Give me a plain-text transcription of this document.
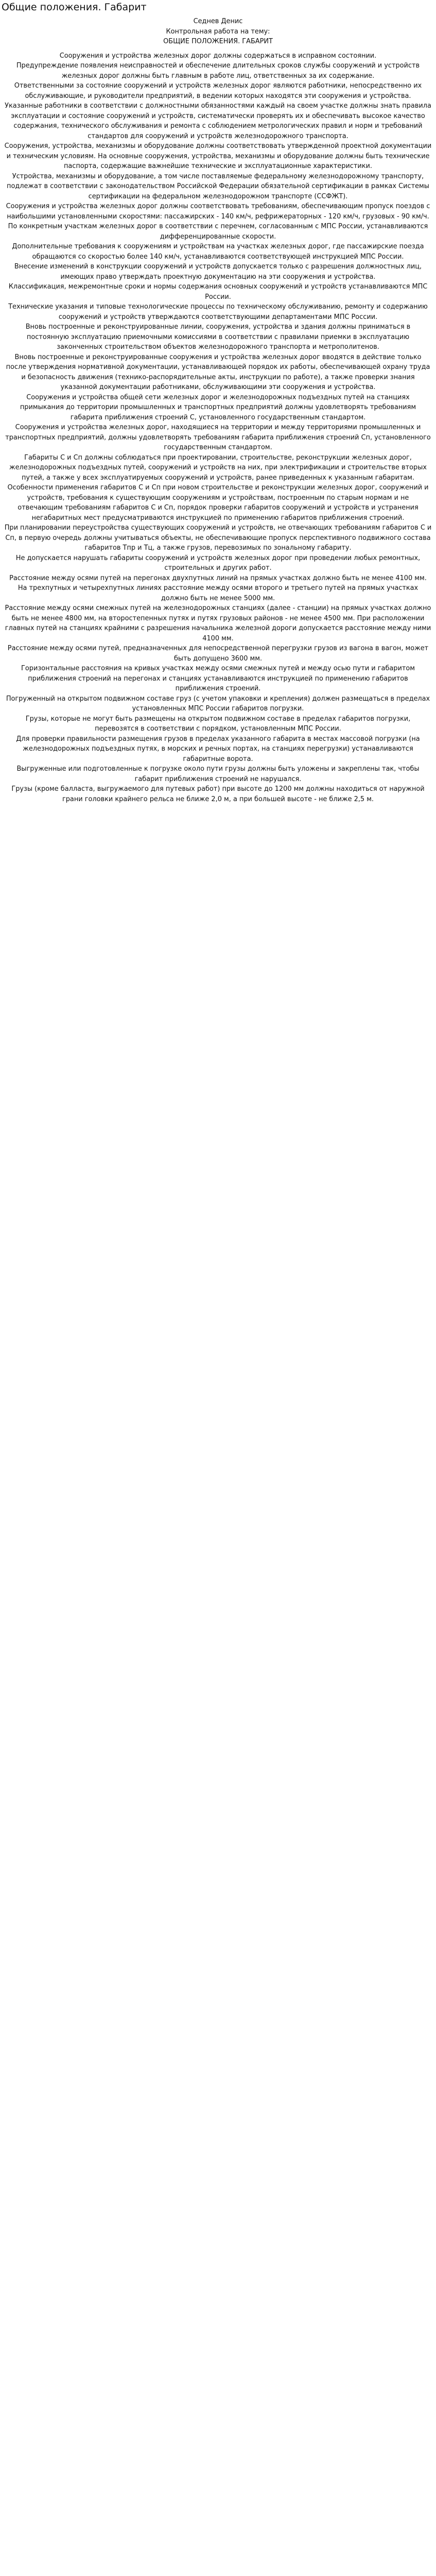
Общие положения. Габарит

Седнев Денис

Контрольная работа на тему:

ОБЩИЕ ПОЛОЖЕНИЯ. ГАБАРИТ

Сооружения и устройства железных дорог должны содержаться в исправном состоянии.

Предупреждение появления неисправностей и обеспечение длительных сроков службы сооружений и устройств железных дорог должны быть главным в работе лиц, ответственных за их содержание.

Ответственными за состояние сооружений и устройств железных дорог являются работники, непосредственно их обслуживающие, и руководители предприятий, в ведении которых находятся эти сооружения и устройства.

Указанные работники в соответствии с должностными обязанностями каждый на своем участке должны знать правила эксплуатации и состояние сооружений и устройств, систематически проверять их и обеспечивать высокое качество содержания, технического обслуживания и ремонта с соблюдением метрологических правил и норм и требований стандартов для сооружений и устройств железнодорожного транспорта.

Сооружения, устройства, механизмы и оборудование должны соответствовать утвержденной проектной документации и техническим условиям. На основные сооружения, устройства, механизмы и оборудование должны быть технические паспорта, содержащие важнейшие технические и эксплуатационные характеристики.

Устройства, механизмы и оборудование, а том числе поставляемые федеральному железнодорожному транспорту, подлежат в соответствии с законодательством Российской Федерации обязательной сертификации в рамках Системы сертификации на федеральном железнодорожном транспорте (ССФЖТ).

Сооружения и устройства железных дорог должны соответствовать требованиям, обеспечивающим пропуск поездов с наибольшими установленными скоростями: пассажирских - 140 км/ч, рефрижераторных - 120 км/ч, грузовых - 90 км/ч. По конкретным участкам железных дорог в соответствии с перечнем, согласованным с МПС России, устанавливаются дифференцированные скорости.

Дополнительные требования к сооружениям и устройствам на участках железных дорог, где пассажирские поезда обращаются со скоростью более 140 км/ч, устанавливаются соответствующей инструкцией МПС России.

Внесение изменений в конструкции сооружений и устройств допускается только с разрешения должностных лиц, имеющих право утверждать проектную документацию на эти сооружения и устройства.

Классификация, межремонтные сроки и нормы содержания основных сооружений и устройств устанавливаются МПС России.

Технические указания и типовые технологические процессы по техническому обслуживанию, ремонту и содержанию сооружений и устройств утверждаются соответствующими департаментами МПС России.

Вновь построенные и реконструированные линии, сооружения, устройства и здания должны приниматься в постоянную эксплуатацию приемочными комиссиями в соответствии с правилами приемки в эксплуатацию законченных строительством объектов железнодорожного транспорта и метрополитенов.

Вновь построенные и реконструированные сооружения и устройства железных дорог вводятся в действие только после утверждения нормативной документации, устанавливающей порядок их работы, обеспечивающей охрану труда и безопасность движения (технико-распорядительные акты, инструкции по работе), а также проверки знания указанной документации работниками, обслуживающими эти сооружения и устройства.

Сооружения и устройства общей сети железных дорог и железнодорожных подъездных путей на станциях примыкания до территории промышленных и транспортных предприятий должны удовлетворять требованиям габарита приближения строений С, установленного государственным стандартом.

Сооружения и устройства железных дорог, находящиеся на территории и между территориями промышленных и транспортных предприятий, должны удовлетворять требованиям габарита приближения строений Сп, установленного государственным стандартом.

Габариты С и Сп должны соблюдаться при проектировании, строительстве, реконструкции железных дорог, железнодорожных подъездных путей, сооружений и устройств на них, при электрификации и строительстве вторых путей, а также у всех эксплуатируемых сооружений и устройств, ранее приведенных к указанным габаритам.

Особенности применения габаритов С и Сп при новом строительстве и реконструкции железных дорог, сооружений и устройств, требования к существующим сооружениям и устройствам, построенным по старым нормам и не отвечающим требованиям габаритов С и Сп, порядок проверки габаритов сооружений и устройств и устранения негабаритных мест предусматриваются инструкцией по применению габаритов приближения строений.

При планировании переустройства существующих сооружений и устройств, не отвечающих требованиям габаритов С и Сп, в первую очередь должны учитываться объекты, не обеспечивающие пропуск перспективного подвижного состава габаритов Тпр и Тц, а также грузов, перевозимых по зональному габариту.

Не допускается нарушать габариты сооружений и устройств железных дорог при проведении любых ремонтных, строительных и других работ.

Расстояние между осями путей на перегонах двухпутных линий на прямых участках должно быть не менее 4100 мм.

На трехпутных и четырехпутных линиях расстояние между осями второго и третьего путей на прямых участках должно быть не менее 5000 мм.

Расстояние между осями смежных путей на железнодорожных станциях (далее - станции) на прямых участках должно быть не менее 4800 мм, на второстепенных путях и путях грузовых районов - не менее 4500 мм. При расположении главных путей на станциях крайними с разрешения начальника железной дороги допускается расстояние между ними 4100 мм.

Расстояние между осями путей, предназначенных для непосредственной перегрузки грузов из вагона в вагон, может быть допущено 3600 мм.

Горизонтальные расстояния на кривых участках между осями смежных путей и между осью пути и габаритом приближения строений на перегонах и станциях устанавливаются инструкцией по применению габаритов приближения строений.

Погруженный на открытом подвижном составе груз (с учетом упаковки и крепления) должен размещаться в пределах установленных МПС России габаритов погрузки.

Грузы, которые не могут быть размещены на открытом подвижном составе в пределах габаритов погрузки, перевозятся в соответствии с порядком, установленным МПС России.

Для проверки правильности размещения грузов в пределах указанного габарита в местах массовой погрузки (на железнодорожных подъездных путях, в морских и речных портах, на станциях перегрузки) устанавливаются габаритные ворота.

Выгруженные или подготовленные к погрузке около пути грузы должны быть уложены и закреплены так, чтобы габарит приближения строений не нарушался.

Грузы (кроме балласта, выгружаемого для путевых работ) при высоте до 1200 мм должны находиться от наружной грани головки крайнего рельса не ближе 2,0 м, а при большей высоте - не ближе 2,5 м.
